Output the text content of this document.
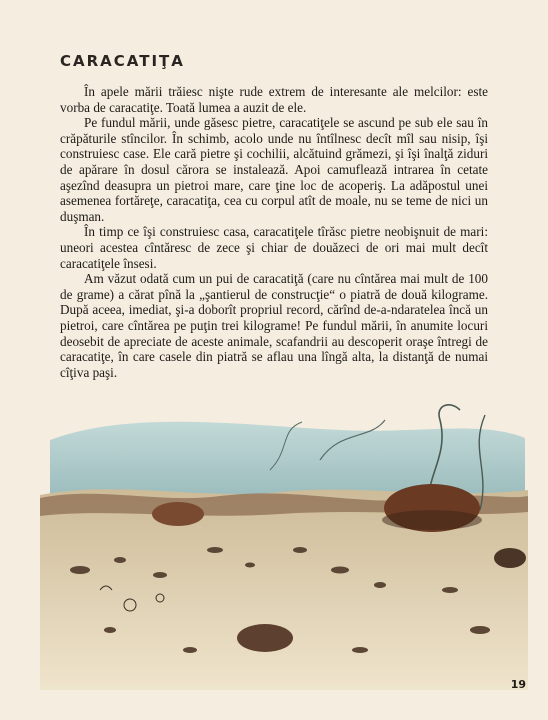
CARACATIŢA

În apele mării trăiesc nişte rude extrem de interesante ale melcilor: este vorba de caracatiţe. Toată lumea a auzit de ele.

Pe fundul mării, unde găsesc pietre, caracatiţele se ascund pe sub ele sau în crăpăturile stîncilor. În schimb, acolo unde nu întîlnesc decît mîl sau nisip, îşi construiesc case. Ele cară pietre şi cochilii, alcătuind grămezi, şi îşi înalţă ziduri de apărare în dosul cărora se instalează. Apoi camuflează intrarea în cetate aşezînd deasupra un pietroi mare, care ţine loc de acoperiş. La adăpostul unei asemenea fortăreţe, caracatiţa, cea cu corpul atît de moale, nu se teme de nici un duşman.

În timp ce îşi construiesc casa, caracatiţele tîrăsc pietre neobişnuit de mari: uneori acestea cîntăresc de zece şi chiar de douăzeci de ori mai mult decît caracatiţele însesi.

Am văzut odată cum un pui de caracatiţă (care nu cîntărea mai mult de 100 de grame) a cărat pînă la „şantierul de construcţie“ o piatră de două kilograme. După aceea, imediat, şi-a doborît propriul record, cărînd de-a-ndaratelea încă un pietroi, care cîntărea pe puţin trei kilograme! Pe fundul mării, în anumite locuri deosebit de apreciate de aceste animale, scafandrii au descoperit oraşe întregi de caracatiţe, în care casele din piatră se aflau una lîngă alta, la distanţă de numai cîţiva paşi.

19
